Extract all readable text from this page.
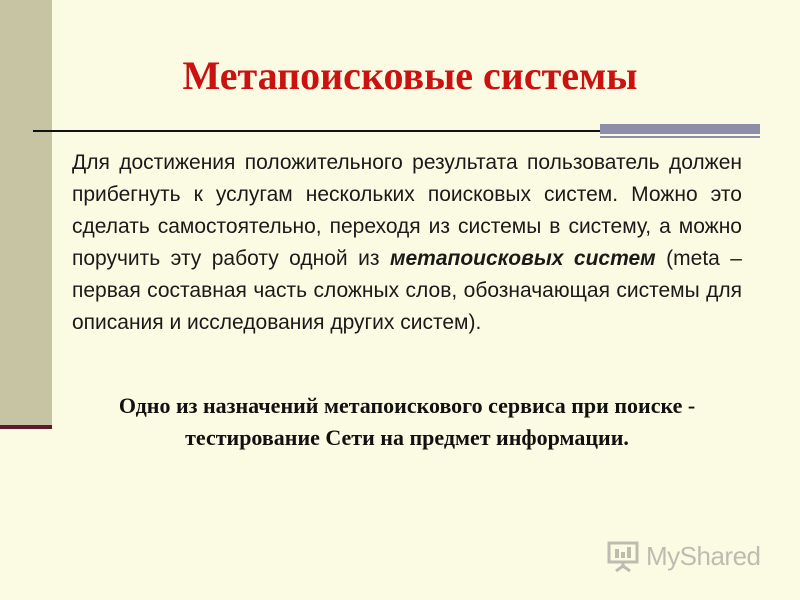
Метапоисковые системы

Для достижения положительного результата пользователь должен прибегнуть к услугам нескольких поисковых систем. Можно это сделать самостоятельно, переходя из системы в систему, а можно поручить эту работу одной из метапоисковых систем (meta – первая составная часть сложных слов, обозначающая системы для описания и исследования других систем).

Одно из назначений метапоискового сервиса при поиске - тестирование Сети на предмет информации.

MyShared
